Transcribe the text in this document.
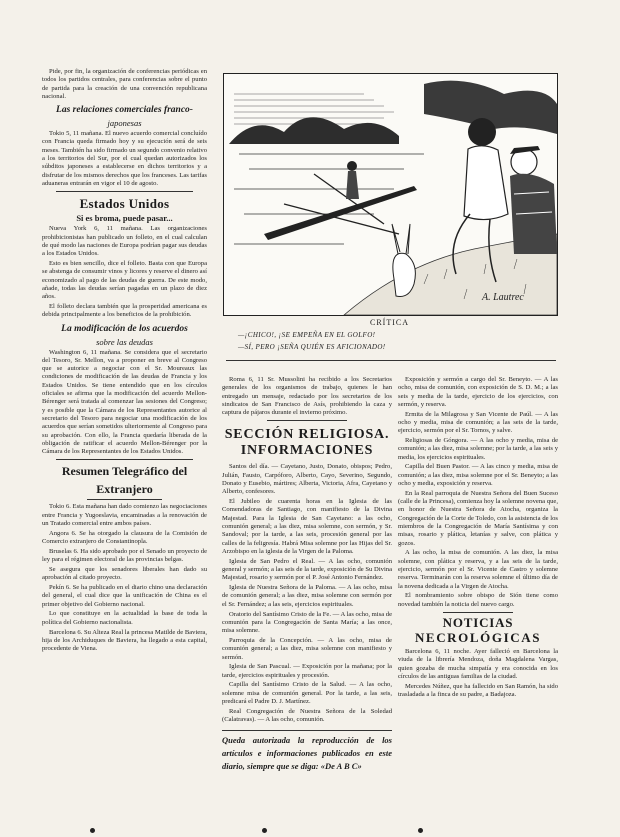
Pide, por fin, la organización de conferencias periódicas en todos los partidos centrales, para conferencias sobre el punto de partida para la creación de una convención republicana nacional.

Las relaciones comerciales franco-
japonesas

Tokio 5, 11 mañana. El nuevo acuerdo comercial concluído con Francia queda firmado hoy y su ejecución será de seis meses. También ha sido firmado un segundo convenio relativo a los territorios del Sur, por el cual quedan autorizados los súbditos japoneses a establecerse en dichos territorios y a disfrutar de los mismos derechos que los franceses. Las tarifas aduaneras entrarán en vigor el 10 de agosto.

Estados Unidos
Si es broma, puede pasar...

Nueva York 6, 11 mañana. Las organizaciones prohibicionistas han publicado un folleto, en el cual calculan de qué modo las naciones de Europa podrían pagar sus deudas a los Estados Unidos.

Esto es bien sencillo, dice el folleto. Basta con que Europa se abstenga de consumir vinos y licores y reserve el dinero así economizado al pago de las deudas de guerra. De este modo, añade, todas las deudas serían pagadas en un plazo de diez años.

El folleto declara también que la prosperidad americana es debida principalmente a los beneficios de la prohibición.

La modificación de los acuerdos
sobre las deudas

Washington 6, 11 mañana. Se considera que el secretario del Tesoro, Sr. Mellon, va a proponer en breve al Congreso que se autorice a negociar con el Sr. Moureaux las condiciones de modificación de las deudas de Francia y los Estados Unidos. Se tiene entendido que en los círculos oficiales se afirma que la modificación del acuerdo Mellon-Bérenger será tratada al comenzar las sesiones del Congreso; y es posible que la Cámara de los Representantes autorice al secretario del Tesoro para negociar una modificación de los acuerdos que serían sometidos ulteriormente al Congreso para su aprobación. Con ello, la Francia quedaría liberada de la obligación de ratificar el acuerdo Mellon-Bérenger por la Cámara de los Representantes de los Estados Unidos.

Resumen Telegráfico del
Extranjero

Tokio 6. Esta mañana han dado comienzo las negociaciones entre Francia y Yugoeslavia, encaminadas a la renovación de un Tratado comercial entre ambos países.

Angora 6. Se ha otorgado la clausura de la Comisión de Comercio extranjero de Constantinopla.

Bruselas 6. Ha sido aprobado por el Senado un proyecto de ley para el régimen electoral de las provincias belgas.

Se asegura que los senadores liberales han dado su aprobación al citado proyecto.

Pekín 6. Se ha publicado en el diario chino una declaración del general, el cual dice que la unificación de China es el primer objetivo del Gobierno nacional.

Lo que constituye en la actualidad la base de toda la política del Gobierno nacionalista.

Barcelona 6. Su Alteza Real la princesa Matilde de Baviera, hija de los Archiduques de Baviera, ha llegado a esta capital, procedente de Viena.

A. Lautrec
CRÍTICA
—¡CHICO!, ¡SE EMPEÑA EN EL GOLFO!
—SÍ, PERO ¡SEÑA QUIÉN ES AFICIONADO!

Roma 6, 11 Sr. Mussolini ha recibido a los Secretarios generales de los organismos de trabajo, quienes le han entregado un mensaje, redactado por los secretarios de los sindicatos de San Francisco de Asís, prohibiendo la caza y captura de pájaros durante el invierno próximo.

SECCIÓN RELIGIOSA.
INFORMACIONES

Santos del día. — Cayetano, Justo, Donato, obispos; Pedro, Julián, Fausto, Carpóforo, Alberto, Cayo, Severino, Segundo, Donato y Eusebio, mártires; Alberta, Victoria, Afra, Cayetano y Alberto, confesores.

El Jubileo de cuarenta horas en la Iglesia de las Comendadoras de Santiago, con manifiesto de la Divina Majestad. Para la Iglesia de San Cayetano: a las ocho, comunión general; a las diez, misa solemne, con sermón, y Sr. Sandoval; por la tarde, a las seis, procesión general por las calles de la feligresía. Habrá Misa solemne por las Hijas del Sr. Arzobispo en la iglesia de la Virgen de la Paloma.

Iglesia de San Pedro el Real. — A las ocho, comunión general y sermón; a las seis de la tarde, exposición de Su Divina Majestad, rosario y sermón por el P. José Antonio Fernández.

Iglesia de Nuestra Señora de la Paloma. — A las ocho, misa de comunión general; a las diez, misa solemne con sermón por el Sr. Fernández; a las seis, ejercicios espirituales.

Oratorio del Santísimo Cristo de la Fe. — A las ocho, misa de comunión para la Congregación de Santa María; a las once, misa solemne.

Parroquia de la Concepción. — A las ocho, misa de comunión general; a las diez, misa solemne con manifiesto y sermón.

Iglesia de San Pascual. — Exposición por la mañana; por la tarde, ejercicios espirituales y procesión.

Capilla del Santísimo Cristo de la Salud. — A las ocho, solemne misa de comunión general. Por la tarde, a las seis, predicará el Padre D. J. Martínez.

Real Congregación de Nuestra Señora de la Soledad (Calatravas). — A las ocho, comunión.

Queda autorizada la reproducción de los artículos e informaciones publicados en este diario, siempre que se diga: «De A B C»

Exposición y sermón a cargo del Sr. Beneyto. — A las ocho, misa de comunión, con exposición de S. D. M.; a las seis y media de la tarde, ejercicio de los ejercicios, con sermón, y reserva.

Ermita de la Milagrosa y San Vicente de Paúl. — A las ocho y media, misa de comunión; a las seis de la tarde, ejercicio, sermón por el Sr. Tornos, y salve.

Religiosas de Góngora. — A las ocho y media, misa de comunión; a las diez, misa solemne; por la tarde, a las seis y media, los ejercicios espirituales.

Capilla del Buen Pastor. — A las cinco y media, misa de comunión; a las diez, misa solemne por el Sr. Beneyto; a las ocho y media, exposición y reserva.

En la Real parroquia de Nuestra Señora del Buen Suceso (calle de la Princesa), comienza hoy la solemne novena que, en honor de Nuestra Señora de Atocha, organiza la Congregación de la Corte de Toledo, con la asistencia de los miembros de la Congregación de María Santísima y con misas, rosario y plática, letanías y salve, con plática y gozos.

A las ocho, la misa de comunión. A las diez, la misa solemne, con plática y reserva, y a las seis de la tarde, ejercicio, sermón por el Sr. Vicente de Castro y solemne reserva. Terminarán con la reserva solemne el último día de la novena dedicada a la Virgen de Atocha.

El nombramiento sobre obispo de Sión tiene como novedad también la noticia del nuevo cargo.

NOTICIAS
NECROLÓGICAS

Barcelona 6, 11 noche. Ayer falleció en Barcelona la viuda de la librería Mendoza, doña Magdalena Vargas, quien gozaba de mucha simpatía y era conocida en los círculos de las antiguas familias de la ciudad.

Mercedes Núñez, que ha fallecido en San Ramón, ha sido trasladada a la finca de su padre, a Badajoza.
